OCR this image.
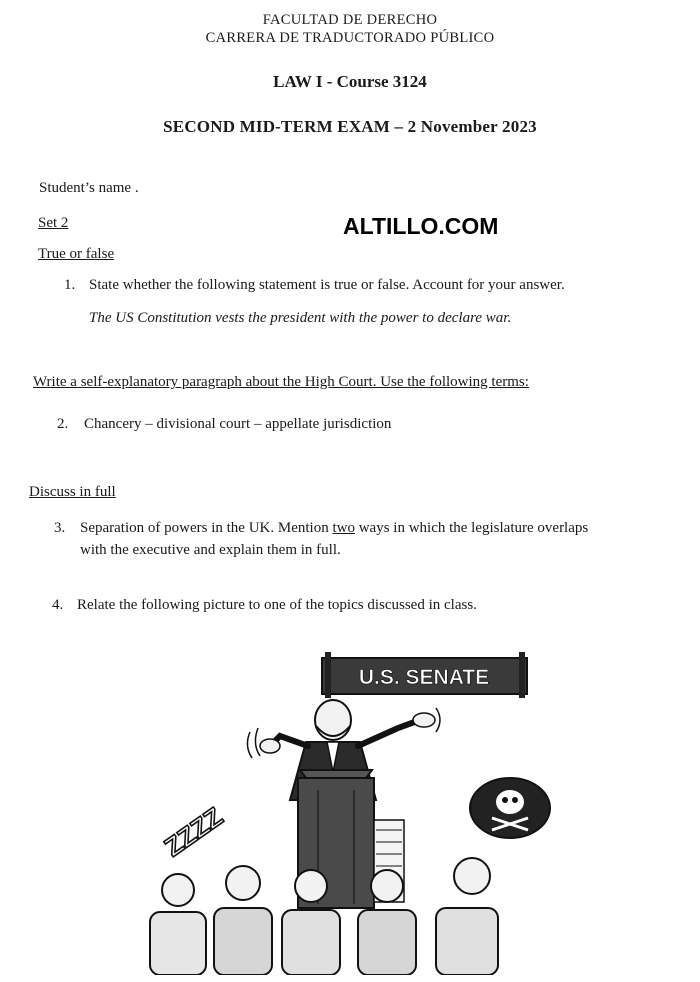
FACULTAD DE DERECHO
CARRERA DE TRADUCTORADO PÚBLICO
LAW I - Course 3124
SECOND MID-TERM EXAM – 2 November 2023
Student’s name .
Set 2	ALTILLO.COM
True or false
1. State whether the following statement is true or false. Account for your answer.
The US Constitution vests the president with the power to declare war.
Write a self-explanatory paragraph about the High Court. Use the following terms:
2. Chancery – divisional court – appellate jurisdiction
Discuss in full
3. Separation of powers in the UK. Mention two ways in which the legislature overlaps
with the executive and explain them in full.
4. Relate the following picture to one of the topics discussed in class.
U.S. SENATE
ZZZZ
